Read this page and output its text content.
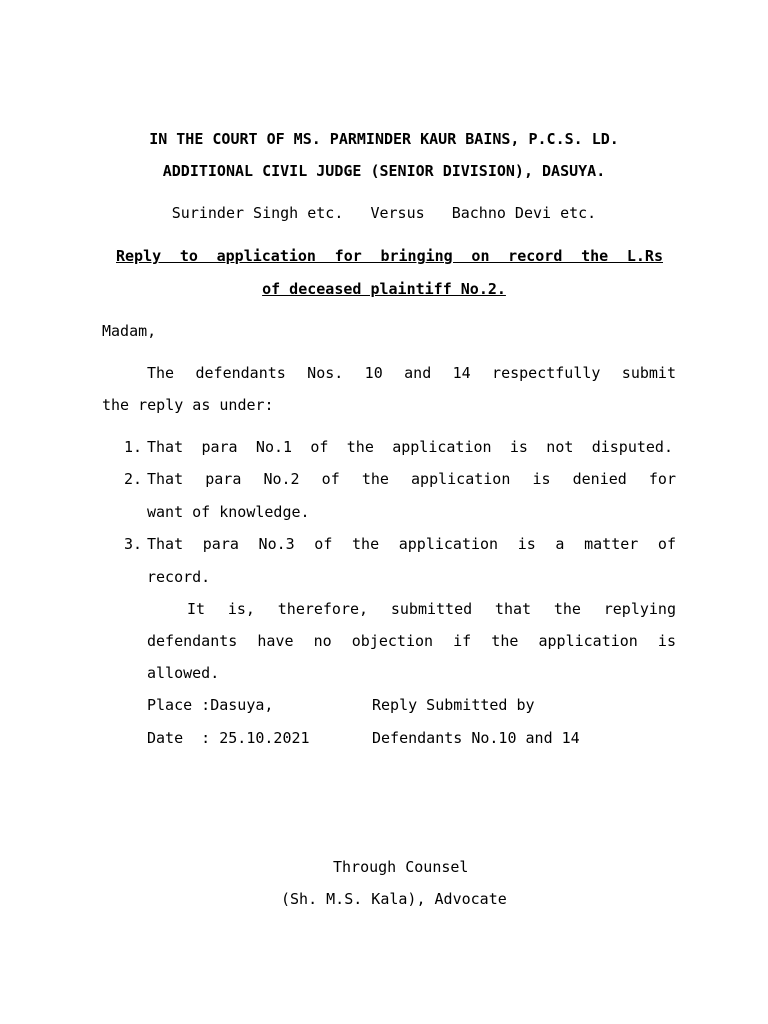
IN THE COURT OF MS. PARMINDER KAUR BAINS, P.C.S. LD.
ADDITIONAL CIVIL JUDGE (SENIOR DIVISION), DASUYA.
Surinder Singh etc.   Versus   Bachno Devi etc.
Reply to application for bringing on record the L.Rs
of deceased plaintiff No.2.
Madam,
The defendants Nos. 10 and 14 respectfully submit
the reply as under:
1. That para No.1 of the application is not disputed.
2. That para No.2 of the application is denied for
want of knowledge.
3. That para No.3 of the application is a matter of
record.
It is, therefore, submitted that the replying
defendants have no objection if the application is
allowed.
Place :Dasuya,	Reply Submitted by
Date  : 25.10.2021	Defendants No.10 and 14
Through Counsel
(Sh. M.S. Kala), Advocate
